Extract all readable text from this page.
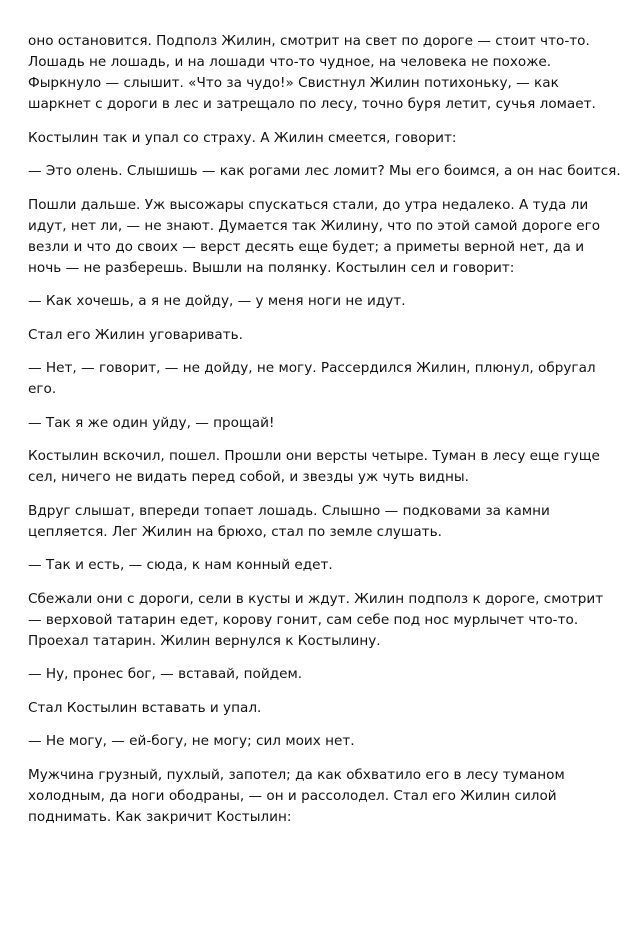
оно остановится. Подполз Жилин, смотрит на свет по дороге — стоит что-то. Лошадь не лошадь, и на лошади что-то чудное, на человека не похоже. Фыркнуло — слышит. «Что за чудо!» Свистнул Жилин потихоньку, — как шаркнет с дороги в лес и затрещало по лесу, точно буря летит, сучья ломает.

Костылин так и упал со страху. А Жилин смеется, говорит:

— Это олень. Слышишь — как рогами лес ломит? Мы его боимся, а он нас боится.

Пошли дальше. Уж высожары спускаться стали, до утра недалеко. А туда ли идут, нет ли, — не знают. Думается так Жилину, что по этой самой дороге его везли и что до своих — верст десять еще будет; а приметы верной нет, да и ночь — не разберешь. Вышли на полянку. Костылин сел и говорит:

— Как хочешь, а я не дойду, — у меня ноги не идут.

Стал его Жилин уговаривать.

— Нет, — говорит, — не дойду, не могу. Рассердился Жилин, плюнул, обругал его.

— Так я же один уйду, — прощай!

Костылин вскочил, пошел. Прошли они версты четыре. Туман в лесу еще гуще сел, ничего не видать перед собой, и звезды уж чуть видны.

Вдруг слышат, впереди топает лошадь. Слышно — подковами за камни цепляется. Лег Жилин на брюхо, стал по земле слушать.

— Так и есть, — сюда, к нам конный едет.

Сбежали они с дороги, сели в кусты и ждут. Жилин подполз к дороге, смотрит — верховой татарин едет, корову гонит, сам себе под нос мурлычет что-то. Проехал татарин. Жилин вернулся к Костылину.

— Ну, пронес бог, — вставай, пойдем.

Стал Костылин вставать и упал.

— Не могу, — ей-богу, не могу; сил моих нет.

Мужчина грузный, пухлый, запотел; да как обхватило его в лесу туманом холодным, да ноги ободраны, — он и рассолодел. Стал его Жилин силой поднимать. Как закричит Костылин:
